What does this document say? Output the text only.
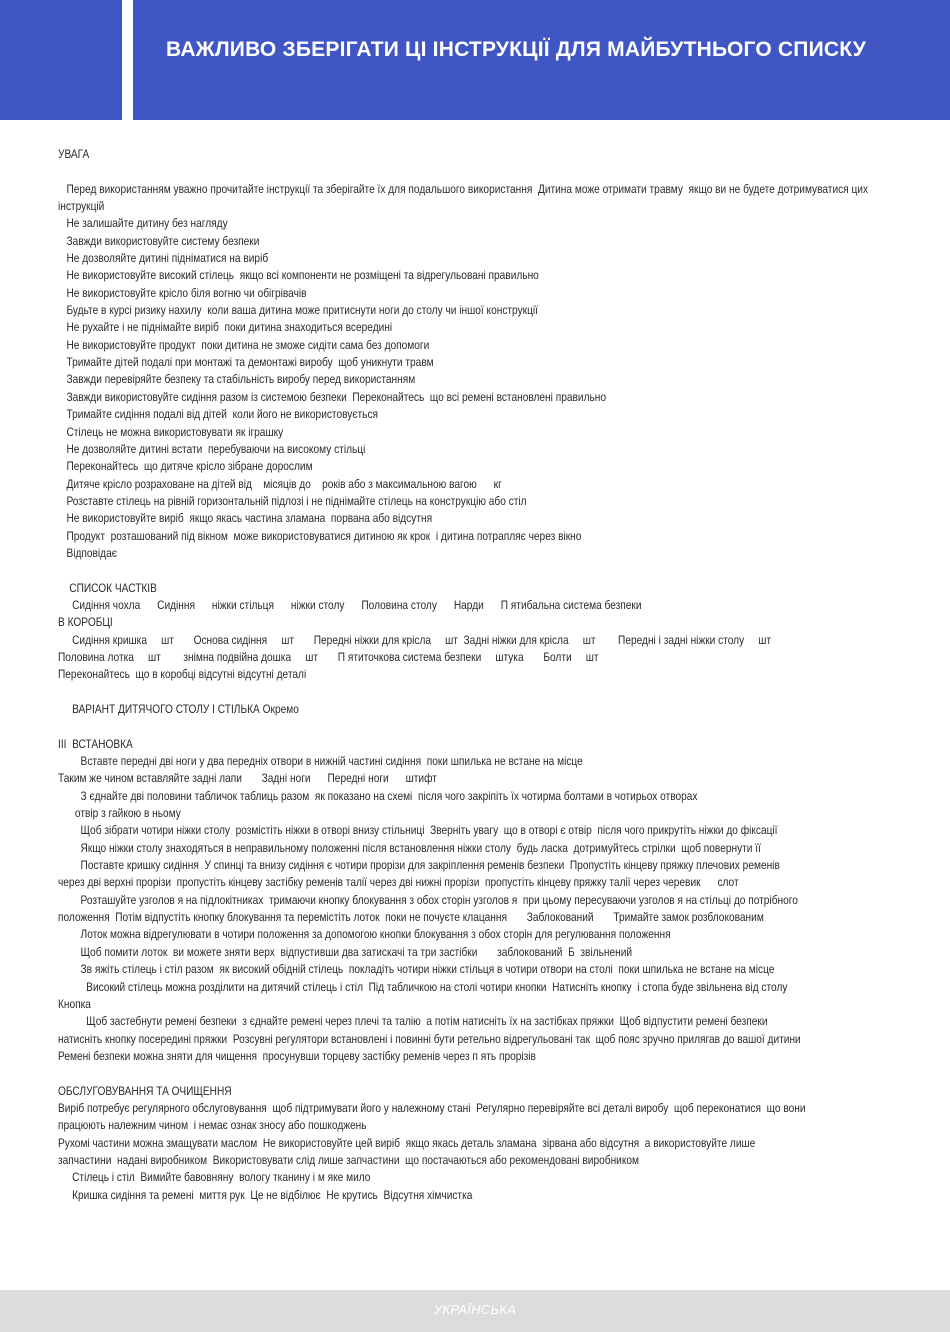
ВАЖЛИВО ЗБЕРІГАТИ ЦІ ІНСТРУКЦІЇ ДЛЯ МАЙБУТНЬОГО СПИСКУ

УВАГА

Перед використанням уважно прочитайте інструкції та зберігайте їх для подальшого використання  Дитина може отримати травму  якщо ви не будете дотримуватися цих інструкцій

Не залишайте дитину без нагляду

Завжди використовуйте систему безпеки

Не дозволяйте дитині підніматися на виріб

Не використовуйте високий стілець  якщо всі компоненти не розміщені та відрегульовані правильно

Не використовуйте крісло біля вогню чи обігрівачів

Будьте в курсі ризику нахилу  коли ваша дитина може притиснути ноги до столу чи іншої конструкції

Не рухайте і не піднімайте виріб  поки дитина знаходиться всередині

Не використовуйте продукт  поки дитина не зможе сидіти сама без допомоги

Тримайте дітей подалі при монтажі та демонтажі виробу  щоб уникнути травм

Завжди перевіряйте безпеку та стабільність виробу перед використанням

Завжди використовуйте сидіння разом із системою безпеки  Переконайтесь  що всі ремені встановлені правильно

Тримайте сидіння подалі від дітей  коли його не використовується

Стілець не можна використовувати як іграшку

Не дозволяйте дитині встати  перебуваючи на високому стільці

Переконайтесь  що дитяче крісло зібране дорослим

Дитяче крісло розраховане на дітей від    місяців до    років або з максимальною вагою      кг

Розставте стілець на рівній горизонтальній підлозі і не піднімайте стілець на конструкцію або стіл

Не використовуйте виріб  якщо якась частина зламана  порвана або відсутня

Продукт  розташований під вікном  може використовуватися дитиною як крок  і дитина потрапляє через вікно

Відповідає

СПИСОК ЧАСТКІВ

Сидіння чохла      Сидіння      ніжки стільця      ніжки столу      Половина столу      Нарди      П ятибальна система безпеки

В КОРОБЦІ

Сидіння кришка     шт       Основа сидіння     шт       Передні ніжки для крісла     шт  Задні ніжки для крісла     шт        Передні і задні ніжки столу     шт

Половина лотка     шт        знімна подвійна дошка     шт       П ятиточкова система безпеки     штука       Болти     шт

Переконайтесь  що в коробці відсутні відсутні деталі

ВАРІАНТ ДИТЯЧОГО СТОЛУ І СТІЛЬКА Окремо

III  ВСТАНОВКА

Вставте передні дві ноги у два передніх отвори в нижній частині сидіння  поки шпилька не встане на місце

Таким же чином вставляйте задні лапи       Задні ноги      Передні ноги      штифт

З єднайте дві половини табличок таблиць разом  як показано на схемі  після чого закріпіть їх чотирма болтами в чотирьох отворах

отвір з гайкою в ньому

Щоб зібрати чотири ніжки столу  розмістіть ніжки в отворі внизу стільниці  Зверніть увагу  що в отворі є отвір  після чого прикрутіть ніжки до фіксації

Якщо ніжки столу знаходяться в неправильному положенні після встановлення ніжки столу  будь ласка  дотримуйтесь стрілки  щоб повернути її

Поставте кришку сидіння  У спинці та внизу сидіння є чотири прорізи для закріплення ременів безпеки  Пропустіть кінцеву пряжку плечових ременів

через дві верхні прорізи  пропустіть кінцеву застібку ременів талії через дві нижні прорізи  пропустіть кінцеву пряжку талії через черевик      слот

Розташуйте узголов я на підлокітниках  тримаючи кнопку блокування з обох сторін узголов я  при цьому пересуваючи узголов я на стільці до потрібного

положення  Потім відпустіть кнопку блокування та перемістіть лоток  поки не почуєте клацання       Заблокований       Тримайте замок розблокованим

Лоток можна відрегулювати в чотири положення за допомогою кнопки блокування з обох сторін для регулювання положення

Щоб помити лоток  ви можете зняти верх  відпустивши два затискачі та три застібки       заблокований  Б  звільнений

Зв яжіть стілець і стіл разом  як високий обідній стілець  покладіть чотири ніжки стільця в чотири отвори на столі  поки шпилька не встане на місце

Високий стілець можна розділити на дитячий стілець і стіл  Під табличкою на столі чотири кнопки  Натисніть кнопку  і стопа буде звільнена від столу

Кнопка

Щоб застебнути ремені безпеки  з єднайте ремені через плечі та талію  а потім натисніть їх на застібках пряжки  Щоб відпустити ремені безпеки

натисніть кнопку посередині пряжки  Розсувні регулятори встановлені і повинні бути ретельно відрегульовані так  щоб пояс зручно прилягав до вашої дитини

Ремені безпеки можна зняти для чищення  просунувши торцеву застібку ременів через п ять прорізів

ОБСЛУГОВУВАННЯ ТА ОЧИЩЕННЯ

Виріб потребує регулярного обслуговування  щоб підтримувати його у належному стані  Регулярно перевіряйте всі деталі виробу  щоб переконатися  що вони

працюють належним чином  і немає ознак зносу або пошкоджень

Рухомі частини можна змащувати маслом  Не використовуйте цей виріб  якщо якась деталь зламана  зірвана або відсутня  а використовуйте лише

запчастини  надані виробником  Використовувати слід лише запчастини  що постачаються або рекомендовані виробником

Стілець і стіл  Вимийте бавовняну  вологу тканину і м яке мило

Кришка сидіння та ремені  миття рук  Це не відбілює  Не крутись  Відсутня хімчистка

УКРАЇНСЬКА
